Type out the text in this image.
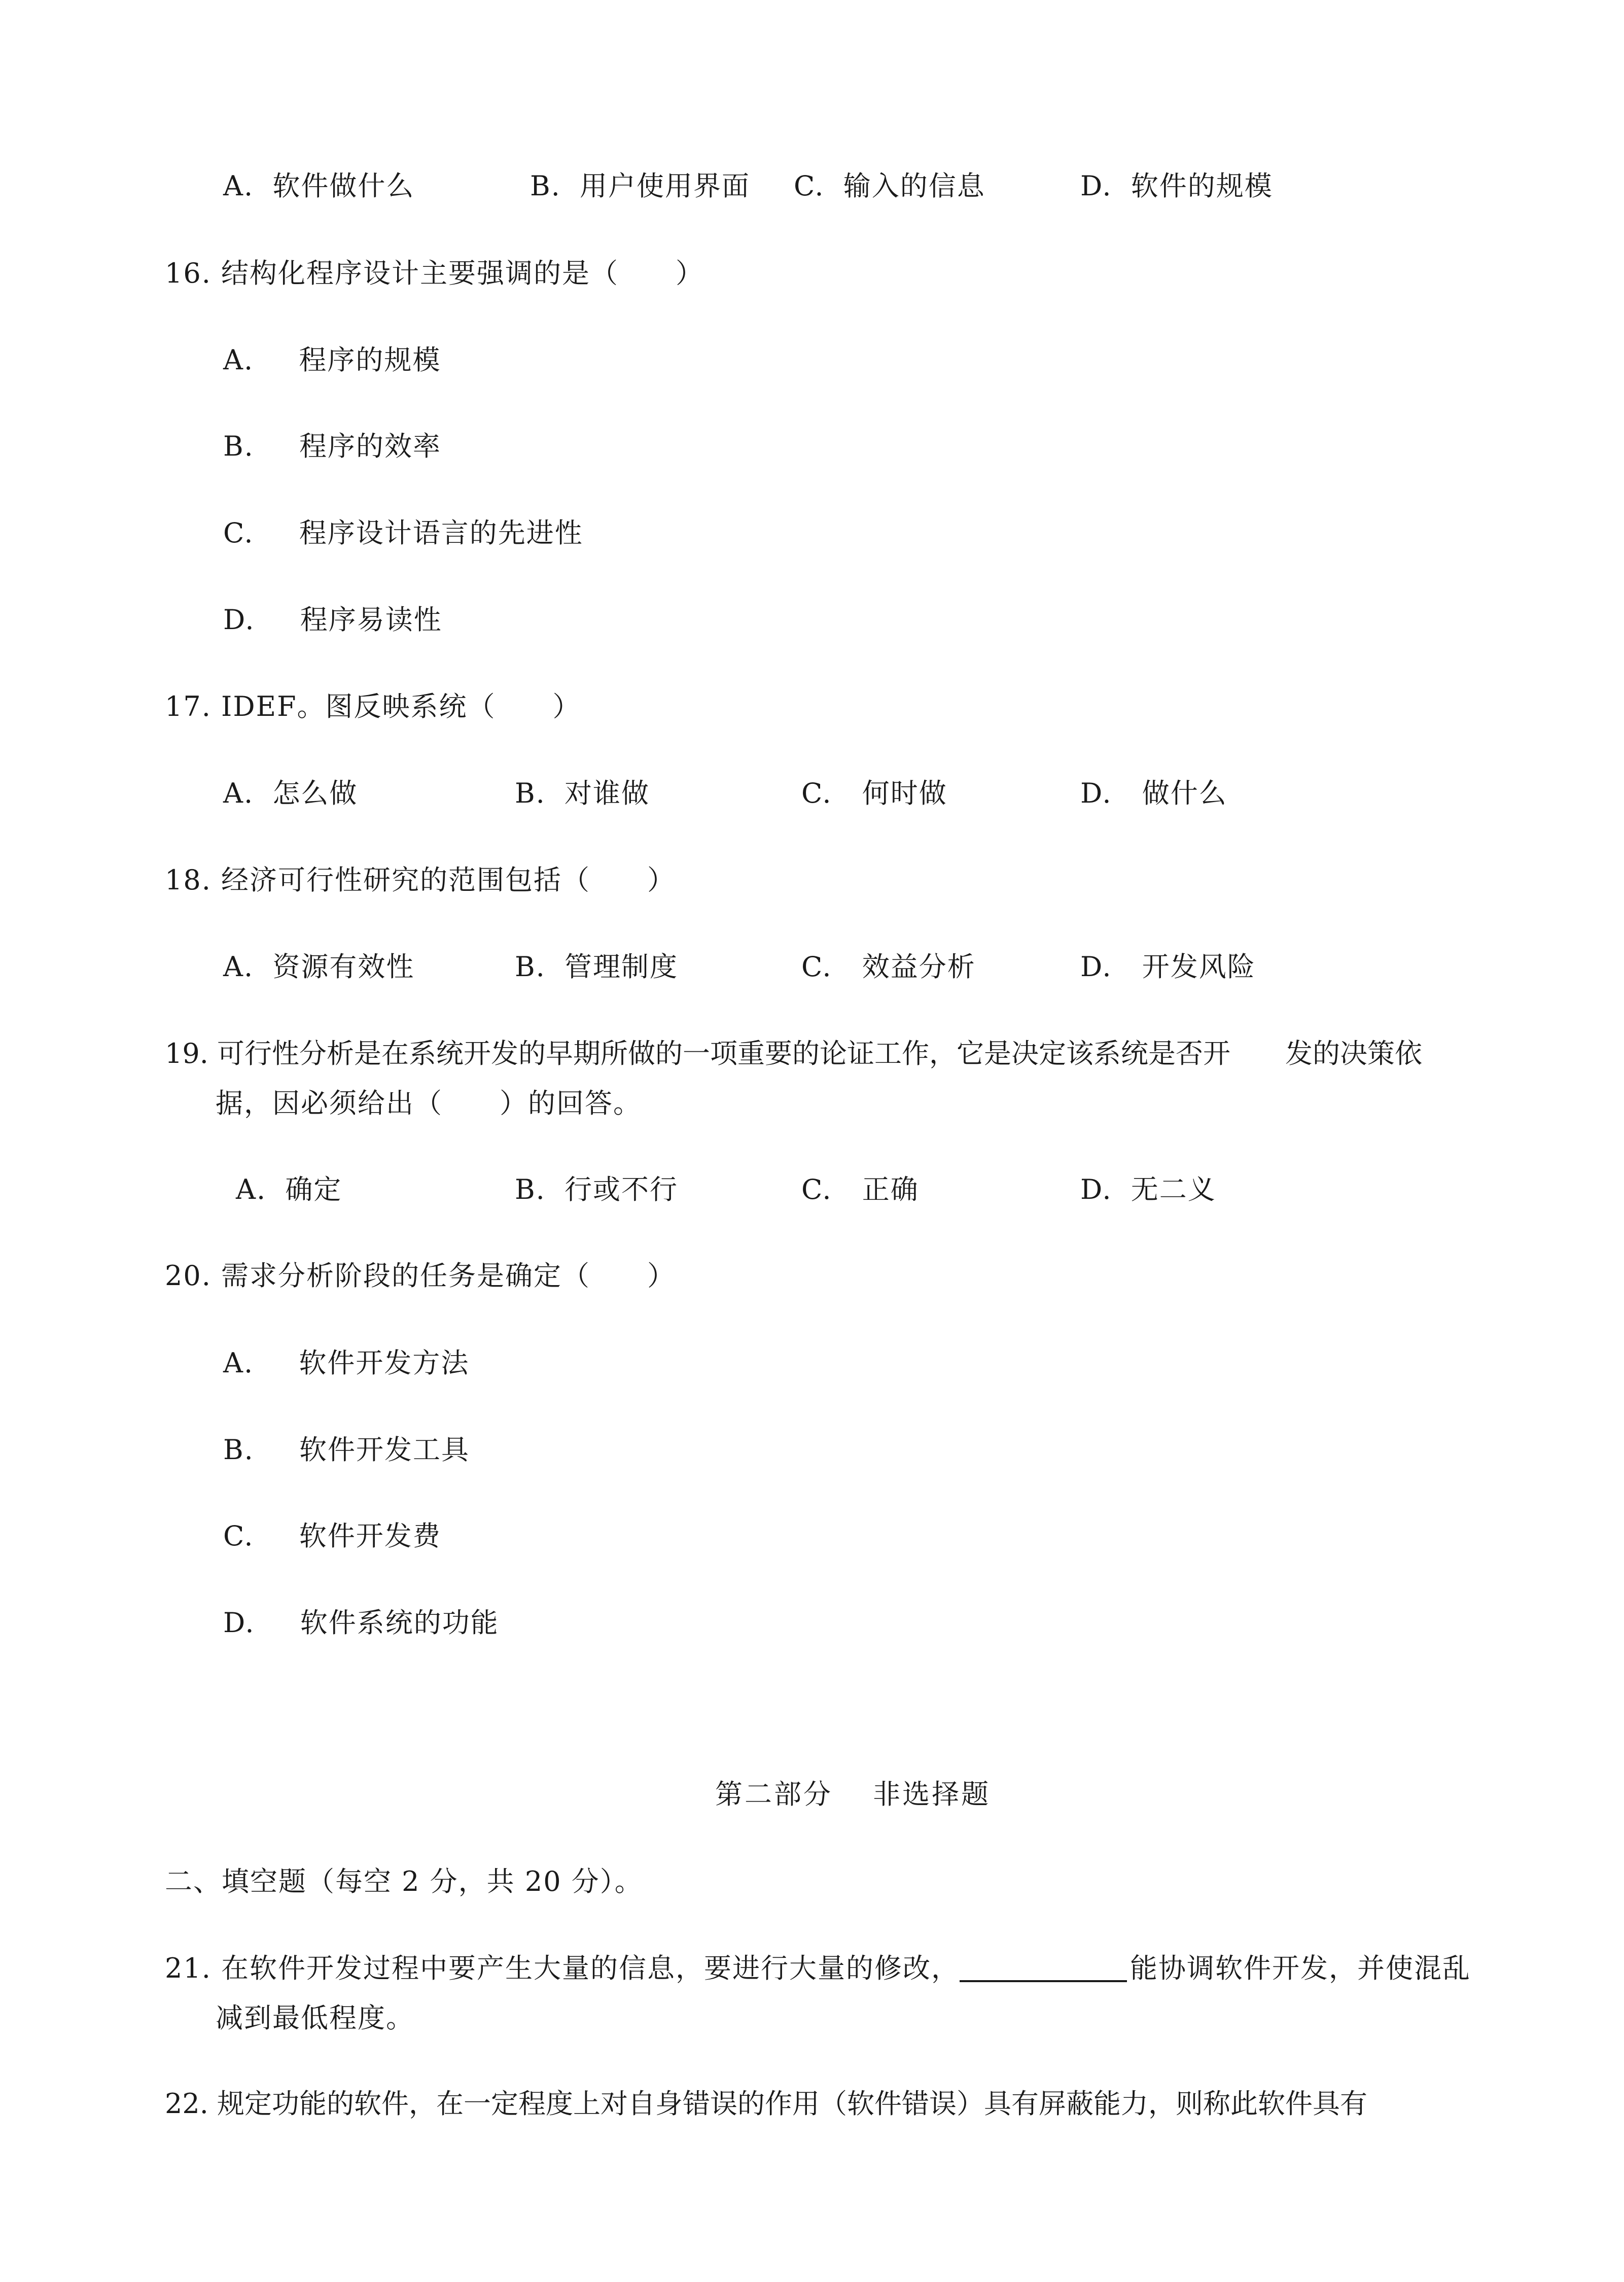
A. 软件做什么	B. 用户使用界面 C. 输入的信息	D. 软件的规模
16. 结构化程序设计主要强调的是（　　）
A. 程序的规模
B. 程序的效率
C. 程序设计语言的先进性
D. 程序易读性
17. IDEF。图反映系统（　　）
A. 怎么做	B. 对谁做	C. 何时做	D. 做什么
18. 经济可行性研究的范围包括（　　）
A. 资源有效性	B. 管理制度	C. 效益分析	D. 开发风险
19. 可行性分析是在系统开发的早期所做的一项重要的论证工作，它是决定该系统是否开　　发的决策依
据，因必须给出（　　）的回答。
A. 确定	B. 行或不行	C. 正确	D. 无二义
20. 需求分析阶段的任务是确定（　　）
A. 软件开发方法
B. 软件开发工具
C. 软件开发费
D. 软件系统的功能
第二部分　 非选择题
二、填空题（每空 2 分，共 20 分）。
21. 在软件开发过程中要产生大量的信息，要进行大量的修改，	能协调软件开发，并使混乱
减到最低程度。
22. 规定功能的软件，在一定程度上对自身错误的作用（软件错误）具有屏蔽能力，则称此软件具有
